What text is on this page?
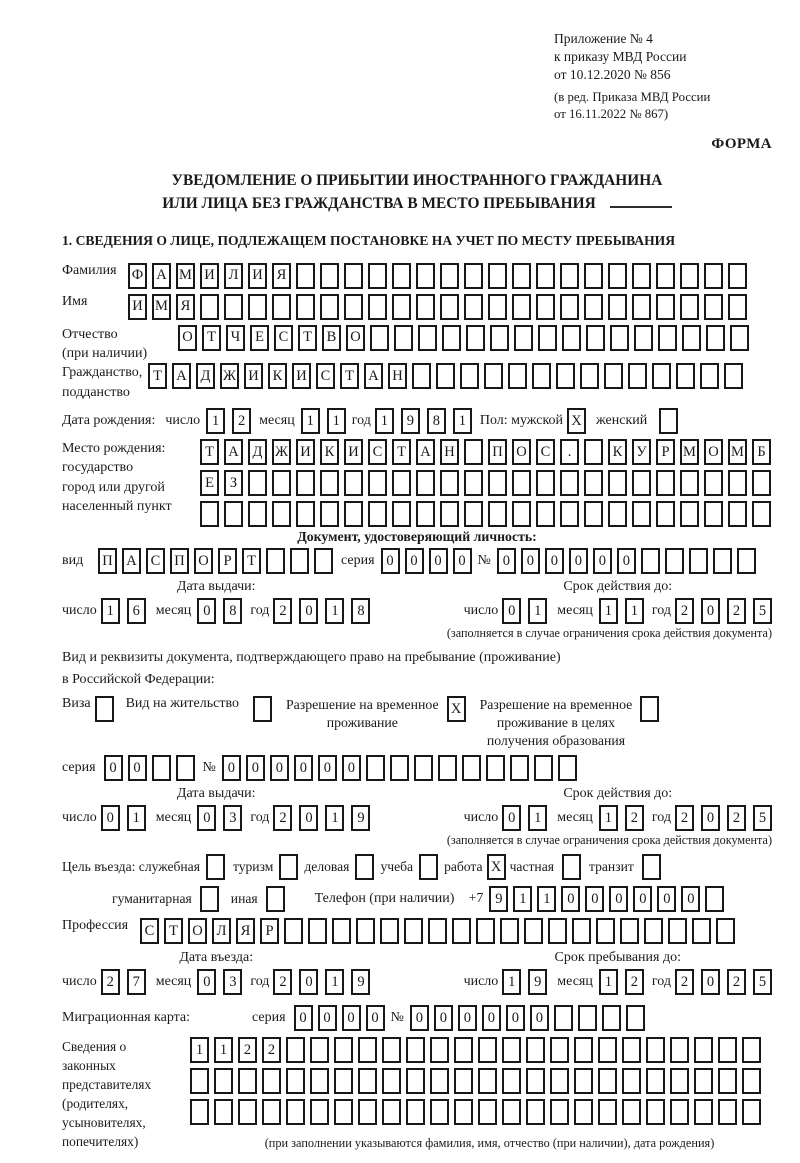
Приложение № 4
к приказу МВД России
от 10.12.2020 № 856
(в ред. Приказа МВД России
от 16.11.2022 № 867)
ФОРМА
УВЕДОМЛЕНИЕ О ПРИБЫТИИ ИНОСТРАННОГО ГРАЖДАНИНА
ИЛИ ЛИЦА БЕЗ ГРАЖДАНСТВА В МЕСТО ПРЕБЫВАНИЯ
1. СВЕДЕНИЯ О ЛИЦЕ, ПОДЛЕЖАЩЕМ ПОСТАНОВКЕ НА УЧЕТ ПО МЕСТУ ПРЕБЫВАНИЯ
Фамилия	Ф А М И Л И Я
Имя	И М Я
Отчество
(при наличии)
О Т	Ч	Е	С	Т	В О
Гражданство,
подданство
Т А Д Ж И К И С	Т А Н
Дата рождения: число 1	2 месяц 1	1 год 1	9	8	1 Пол: мужской X	женский
Место рождения:
государство
город или другой
населенный пункт
Т А Д Ж И К И С	Т А Н	П О С	.	К У	Р М О М Б
Е	З
Документ, удостоверяющий личность:
вид	П А С П О	Р	Т	серия 0	0	0	0 № 0	0	0	0	0	0
Дата выдачи:
число 1	6	месяц 0	8 год 2	0	1	8
Срок действия до:
число 0	1	месяц 1	1 год 2	0	2	5
(заполняется в случае ограничения срока действия документа)
Вид и реквизиты документа, подтверждающего право на пребывание (проживание)
в Российской Федерации:
Виза	Вид на жительство	Разрешение на временное
проживание
X	Разрешение на временное
проживание в целях
получения образования
серия 0	0	№ 0	0	0	0	0	0
Дата выдачи:
число 0	1	месяц 0	3 год 2	0	1	9
Срок действия до:
число 0	1	месяц 1	2 год 2	0	2	5
(заполняется в случае ограничения срока действия документа)
Цель въезда: служебная туризм деловая учеба работа X частная	транзит
гуманитарная	иная	Телефон (при наличии) +7 9	1	1	0	0	0	0	0	0
Профессия	С	Т О Л Я	Р
Дата въезда:
число 2	7	месяц 0	3 год 2	0	1	9
Срок пребывания до:
число 1	9	месяц 1	2 год 2	0	2	5
Миграционная карта:	серия 0	0	0	0 № 0	0	0	0	0	0
Сведения о
законных
представителях
(родителях,
усыновителях,
попечителях)
1	1	2	2
(при заполнении указываются фамилия, имя, отчество (при наличии), дата рождения)
